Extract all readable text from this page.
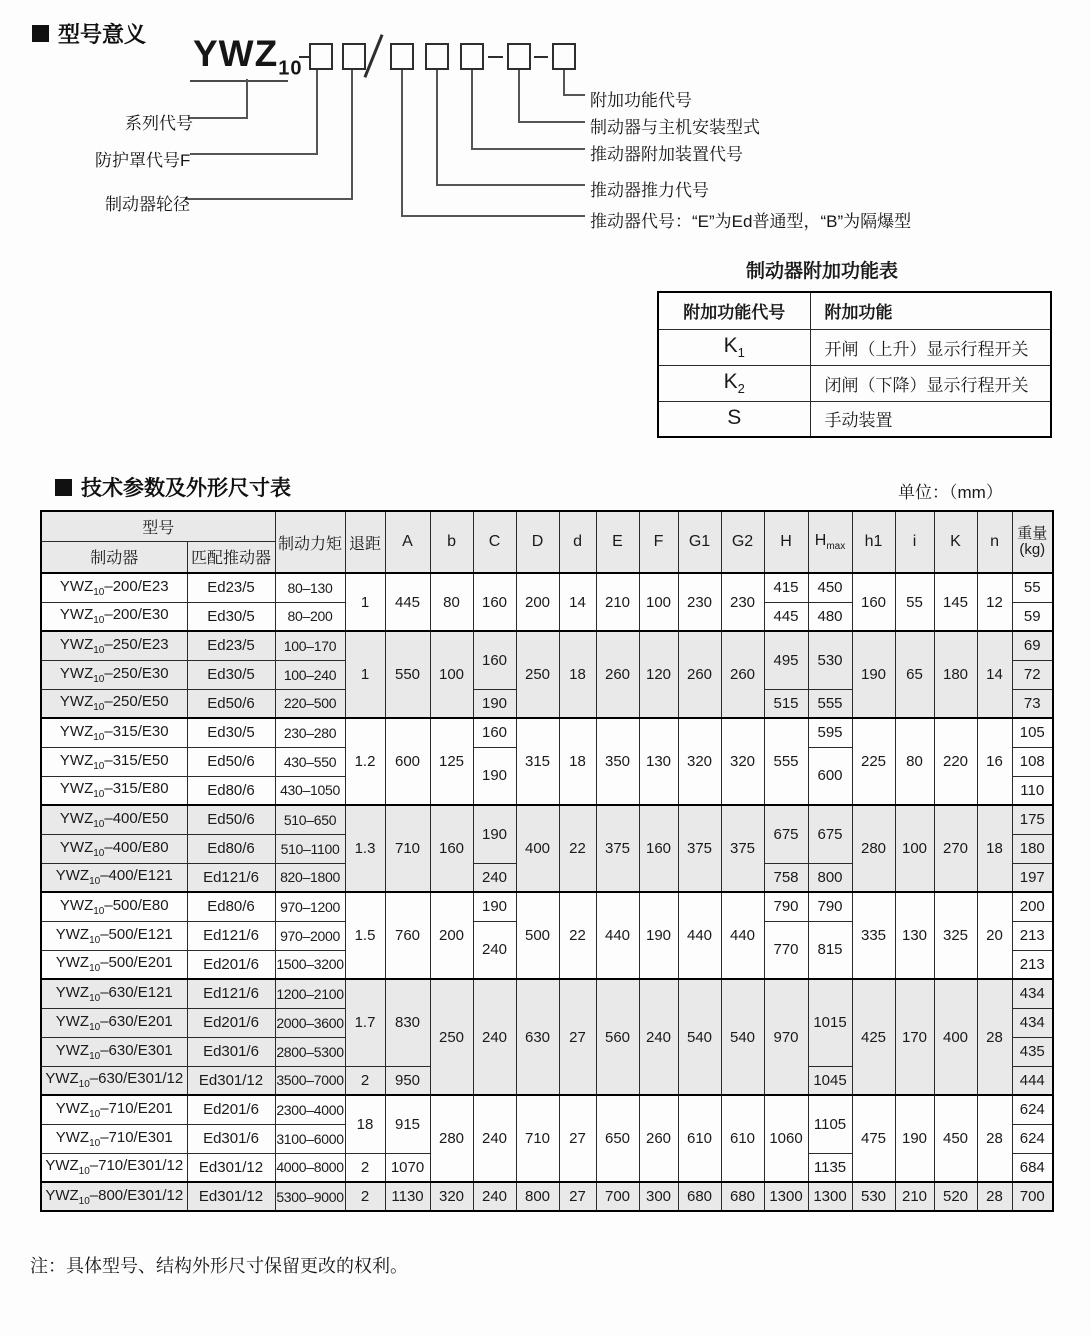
型号意义 $YWZ_{10}$
系列代号
防护罩代号F
制动器轮径
附加功能代号
制动器与主机安装型式
推动器附加装置代号
推动器推力代号
推动器代号：“E”为Ed普通型，“B”为隔爆型
制动器附加功能表
附加功能代号	附加功能
$K_1$	开闸（上升）显示行程开关
$K_2$	闭闸（下降）显示行程开关
S	手动装置
技术参数及外形尺寸表	单位：（mm）
型号		制动力矩	退距	A	b	C	D	d	E	F	G1	G2	H	$H_{max}$	h1	i	K	n	重量
(kg)

制动器	匹配推动器																		
$YWZ_{10}-200/E23$	Ed23/5	80–130	1	445	80	160	200	14	210	100	230	230	415	450	160	55	145	12	55
$YWZ_{10}-200/E30$	Ed30/5	80–200											445	480					59
$YWZ_{10}-250/E23$	Ed23/5	100–170	1	550	100	160	250	18	260	120	260	260	495	530	190	65	180	14	69
$YWZ_{10}-250/E30$	Ed30/5	100–240																	72
$YWZ_{10}-250/E50$	Ed50/6	220–500				190							515	555					73
$YWZ_{10}-315/E30$	Ed30/5	230–280	1.2	600	125	160	315	18	350	130	320	320	555	595	225	80	220	16	105
$YWZ_{10}-315/E50$	Ed50/6	430–550				190								600					108
$YWZ_{10}-315/E80$	Ed80/6	430–1050																	110
$YWZ_{10}-400/E50$	Ed50/6	510–650	1.3	710	160	190	400	22	375	160	375	375	675	675	280	100	270	18	175
$YWZ_{10}-400/E80$	Ed80/6	510–1100																	180
$YWZ_{10}-400/E121$	Ed121/6	820–1800				240							758	800					197
$YWZ_{10}-500/E80$	Ed80/6	970–1200	1.5	760	200	190	500	22	440	190	440	440	790	790	335	130	325	20	200
$YWZ_{10}-500/E121$	Ed121/6	970–2000				240							770	815					213
$YWZ_{10}-500/E201$	Ed201/6	1500–3200																	213
$YWZ_{10}-630/E121$	Ed121/6	1200–2100	1.7	830	250	240	630	27	560	240	540	540	970	1015	425	170	400	28	434
$YWZ_{10}-630/E201$	Ed201/6	2000–3600																	434
$YWZ_{10}-630/E301$	Ed301/6	2800–5300																	435
$YWZ_{10}-630/E301/12$	Ed301/12	3500–7000	2	950										1045					444
$YWZ_{10}-710/E201$	Ed201/6	2300–4000	18	915	280	240	710	27	650	260	610	610	1060	1105	475	190	450	28	624
$YWZ_{10}-710/E301$	Ed301/6	3100–6000																	624
$YWZ_{10}-710/E301/12$	Ed301/12	4000–8000	2	1070										1135					684
$YWZ_{10}-800/E301/12$	Ed301/12	5300–9000	2	1130	320	240	800	27	700	300	680	680	1300	1300	530	210	520	28	700
注：具体型号、结构外形尺寸保留更改的权利。
